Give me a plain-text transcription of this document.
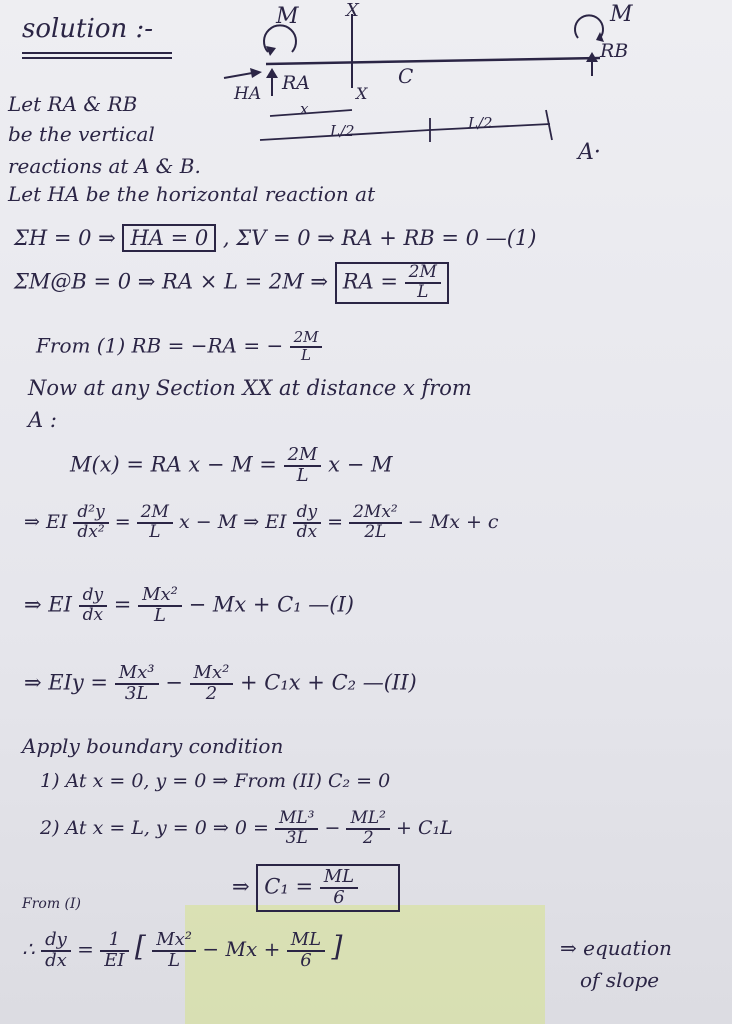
solution :-	M	M
X
X
C
HA RA
RB
x
L/2	L/2
Let RA & RB
be the vertical
reactions at A & B.
A·
Let HA be the horizontal reaction at
ΣH = 0 ⇒ HA = 0 , ΣV = 0 ⇒ RA + RB = 0 —(1)
ΣM@B = 0 ⇒ RA × L = 2M ⇒ RA = $\frac{2M}{L}$
From (1) RB = −RA = − $\frac{2M}{L}$
Now at any Section XX at distance x from
A :
M(x) = RA $x - M = \frac{2M}{L}$ x − M
⇒ EI $\frac{\text{d²y}}{\text{dx²}} = \frac{2M}{L}$ x − M ⇒ EI $\frac{dy}{dx} = \frac{\text{2Mx²}}{2L} - Mx + c$
⇒ EI $\frac{dy}{dx} = \frac{\text{Mx²}}{L} - Mx + C_1$ —(I)
⇒ EIy = $\frac{\text{Mx³}}{3L} - \frac{\text{Mx²}}{2} + C_1x + C_2$ —(II)
Apply boundary condition
1) At x = 0, y = 0 ⇒ From (II) C₂ = 0
2) At x = L, y = 0 ⇒ $0 = \frac{\text{ML³}}{3L} - \frac{\text{ML²}}{2} + C_1L$
⇒ $C_1 = \frac{ML}{6}$
From (I)
∴ $\frac{dy}{dx} = \frac{1}{EI}$ [ $\frac{\text{Mx²}}{L} - Mx + \frac{ML}{6}$ ]	⇒ equation
of slope
